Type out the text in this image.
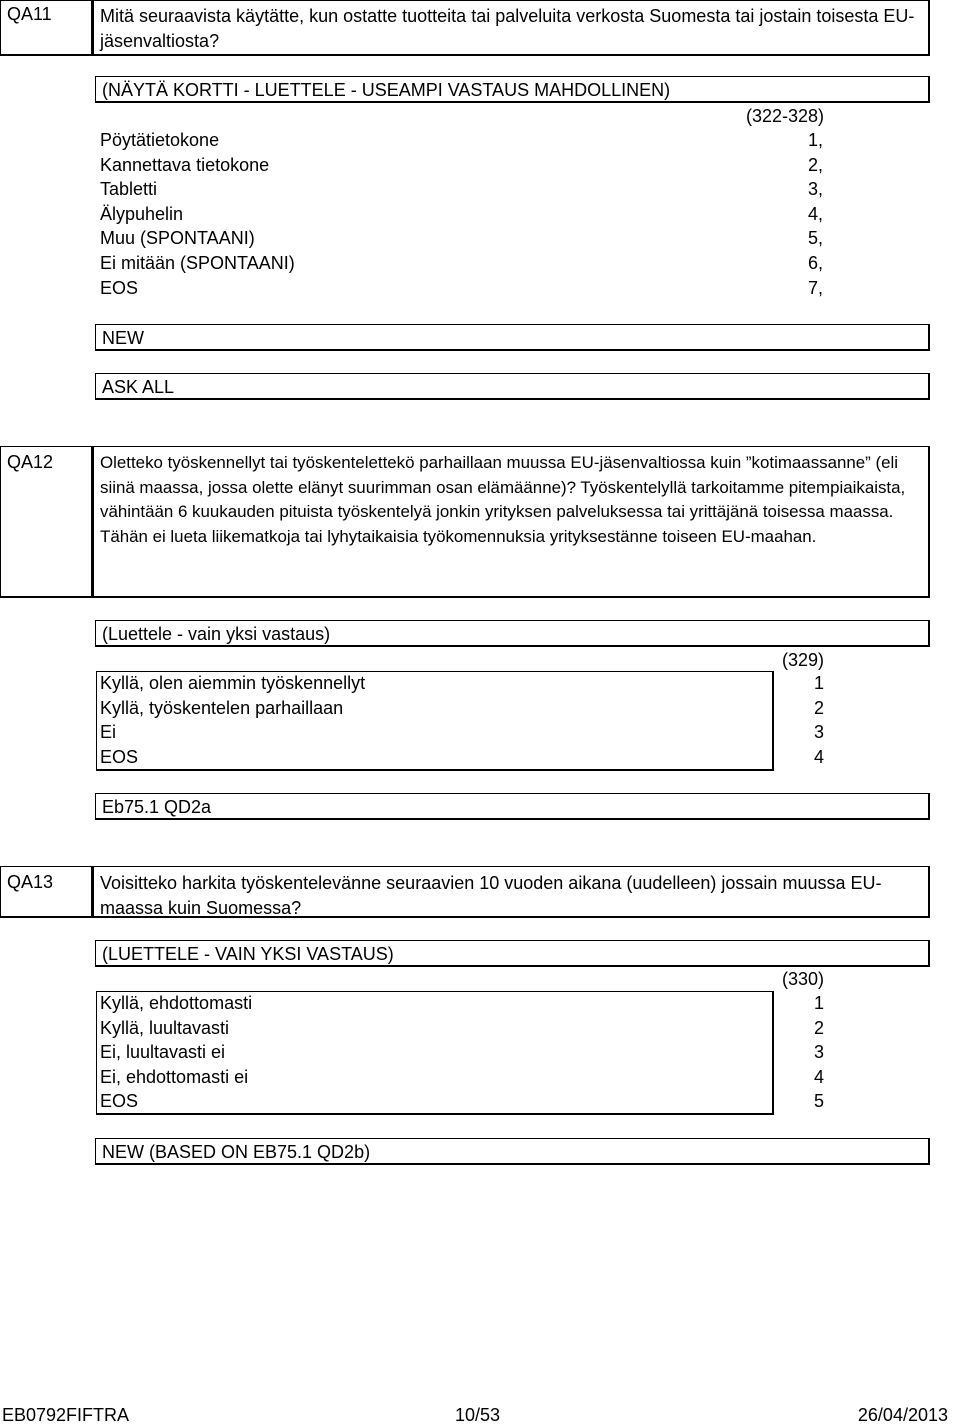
QA11	Mitä seuraavista käytätte, kun ostatte tuotteita tai palveluita verkosta Suomesta tai jostain toisesta EU-jäsenvaltiosta?
(NÄYTÄ KORTTI - LUETTELE - USEAMPI VASTAUS MAHDOLLINEN)
(322-328)
Pöytätietokone	1,
Kannettava tietokone	2,
Tabletti	3,
Älypuhelin	4,
Muu (SPONTAANI)	5,
Ei mitään (SPONTAANI)	6,
EOS	7,
NEW
ASK ALL
QA12	Oletteko työskennellyt tai työskentelettekö parhaillaan muussa EU-jäsenvaltiossa kuin ”kotimaassanne” (eli siinä maassa, jossa olette elänyt suurimman osan elämäänne)? Työskentelyllä tarkoitamme pitempiaikaista, vähintään 6 kuukauden pituista työskentelyä jonkin yrityksen palveluksessa tai yrittäjänä toisessa maassa. Tähän ei lueta liikematkoja tai lyhytaikaisia työkomennuksia yrityksestänne toiseen EU-maahan.
(Luettele - vain yksi vastaus)
(329)
Kyllä, olen aiemmin työskennellyt	1
Kyllä, työskentelen parhaillaan	2
Ei	3
EOS	4
Eb75.1 QD2a
QA13	Voisitteko harkita työskentelevänne seuraavien 10 vuoden aikana (uudelleen) jossain muussa EU-maassa kuin Suomessa?
(LUETTELE - VAIN YKSI VASTAUS)
(330)
Kyllä, ehdottomasti	1
Kyllä, luultavasti	2
Ei, luultavasti ei	3
Ei, ehdottomasti ei	4
EOS	5
NEW (BASED ON EB75.1 QD2b)
EB0792FIFTRA	10/53	26/04/2013
